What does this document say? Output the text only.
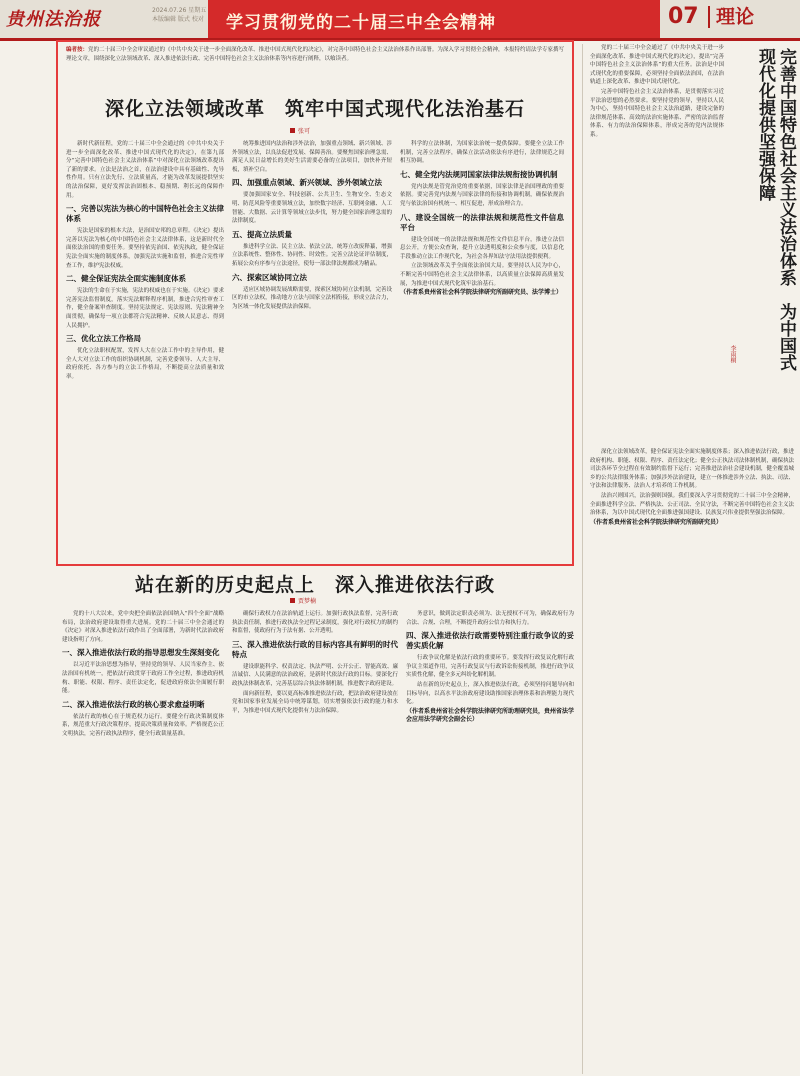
贵州法治报	2024.07.26 星期五
本版编辑 版式 校对 学习贯彻党的二十届三中全会精神	07 理论
编者按：党的二十届三中全会审议通过的《中共中央关于进一步全面深化改革、推进中国式现代化的决定》，对完善中国特色社会主义法治体系作出部署。为深入学习贯彻全会精神，本报特约请法学专家撰写理论文章，围绕深化立法领域改革、深入推进依法行政、完善中国特色社会主义法治体系等内容进行阐释，以飨读者。
深化立法领域改革　筑牢中国式现代化法治基石
张可

新时代新征程，党的二十届三中全会通过的《中共中央关于进一步全面深化改革、推进中国式现代化的决定》，在第九部分“完善中国特色社会主义法治体系”中对深化立法领域改革提出了新的要求。立法是法治之首，在法治建设中具有基础性、先导性作用。只有立法先行、立法质量高，才能为改革发展提供坚实的法治保障，更好发挥法治固根本、稳预期、利长远的保障作用。

一、完善以宪法为核心的中国特色社会主义法律体系

宪法是国家的根本大法，是治国安邦的总章程。《决定》提出完善以宪法为核心的中国特色社会主义法律体系，这是新时代全面依法治国的重要任务。要坚持依宪治国、依宪执政，健全保证宪法全面实施的制度体系，加强宪法实施和监督，推进合宪性审查工作，维护宪法权威。

二、健全保证宪法全面实施制度体系

宪法的生命在于实施，宪法的权威也在于实施。《决定》要求完善宪法监督制度，落实宪法解释程序机制，推进合宪性审查工作，健全备案审查制度。坚持宪法规定、宪法原则、宪法精神全面贯彻，确保每一项立法都符合宪法精神、反映人民意志、得到人民拥护。

三、优化立法工作格局

优化立法职权配置，发挥人大在立法工作中的主导作用，健全人大对立法工作的组织协调机制，完善党委领导、人大主导、政府依托、各方参与的立法工作格局，不断提高立法质量和效率。

统筹推进国内法治和涉外法治，加强重点领域、新兴领域、涉外领域立法，以良法促进发展、保障善治。要聚焦国家治理急需、满足人民日益增长的美好生活需要必备的立法项目，加快补齐短板，填补空白。

四、加强重点领域、新兴领域、涉外领域立法

要加强国家安全、科技创新、公共卫生、生物安全、生态文明、防范风险等重要领域立法，加快数字经济、互联网金融、人工智能、大数据、云计算等领域立法步伐，努力健全国家治理急需的法律制度。

五、提高立法质量

推进科学立法、民主立法、依法立法，统筹立改废释纂，增强立法系统性、整体性、协同性、时效性。完善立法论证评估制度，拓展公众有序参与立法途径，使每一部法律法规都成为精品。

六、探索区域协同立法

适应区域协调发展战略需要，探索区域协同立法机制，完善设区的市立法权，推动地方立法与国家立法相衔接，形成立法合力，为区域一体化发展提供法治保障。

科学的立法体制，为国家法治统一提供保障。要健全立法工作机制，完善立法程序，确保立法活动依法有序进行，法律规范之间相互协调。

七、健全党内法规同国家法律法规衔接协调机制

党内法规是管党治党的重要依据，国家法律是治国理政的重要依据。要完善党内法规与国家法律的衔接和协调机制，确保依规治党与依法治国有机统一、相互促进，形成治理合力。

八、建设全国统一的法律法规和规范性文件信息平台

建设全国统一的法律法规和规范性文件信息平台，推进立法信息公开，方便公众查询，提升立法透明度和公众参与度，以信息化手段推动立法工作现代化，为社会各界知法守法用法提供便利。

立法领域改革关乎全面依法治国大局。要坚持以人民为中心，不断完善中国特色社会主义法律体系，以高质量立法保障高质量发展，为推进中国式现代化筑牢法治基石。

（作者系贵州省社会科学院法律研究所副研究员、法学博士）

站在新的历史起点上　深入推进依法行政
贾梦楠

党的十八大以来，党中央把全面依法治国纳入“四个全面”战略布局，法治政府建设取得重大进展。党的二十届三中全会通过的《决定》对深入推进依法行政作出了全面部署，为新时代法治政府建设指明了方向。

一、深入推进依法行政的指导思想发生深刻变化

以习近平法治思想为指导，坚持党的领导、人民当家作主、依法治国有机统一，把依法行政贯穿于政府工作全过程，推进政府机构、职能、权限、程序、责任法定化，促进政府依法全面履行职能。

二、深入推进依法行政的核心要求愈益明晰

依法行政的核心在于规范权力运行。要健全行政决策制度体系，规范重大行政决策程序，提高决策质量和效率。严格规范公正文明执法，完善行政执法程序，健全行政裁量基准。

确保行政权力在法治轨道上运行。加强行政执法监督，完善行政执法责任制，推进行政执法全过程记录制度，强化对行政权力的制约和监督，使政府行为于法有据、公开透明。

三、深入推进依法行政的目标内容具有鲜明的时代特点

建设职能科学、权责法定、执法严明、公开公正、智能高效、廉洁诚信、人民满意的法治政府，是新时代依法行政的目标。要深化行政执法体制改革，完善基层综合执法体制机制，推进数字政府建设。

面向新征程，要以更高标准推进依法行政，把法治政府建设放在党和国家事业发展全局中统筹谋划，切实增强依法行政的能力和水平，为推进中国式现代化提供有力法治保障。

务意识，做到法定职责必须为、法无授权不可为，确保政府行为合法、合规、合理，不断提升政府公信力和执行力。

四、深入推进依法行政需要特别注重行政争议的妥善实质化解

行政争议化解是依法行政的重要环节。要发挥行政复议化解行政争议主渠道作用，完善行政复议与行政诉讼衔接机制，推进行政争议实质性化解，健全多元纠纷化解机制。

站在新的历史起点上，深入推进依法行政，必须坚持问题导向和目标导向，以高水平法治政府建设助推国家治理体系和治理能力现代化。

（作者系贵州省社会科学院法律研究所助理研究员，贵州省法学会应用法学研究会副会长）

完善中国特色社会主义法治体系　为中国式现代化提供坚强保障
李雨桐

党的二十届三中全会通过了《中共中央关于进一步全面深化改革、推进中国式现代化的决定》，提出“完善中国特色社会主义法治体系”的重大任务。法治是中国式现代化的重要保障，必须坚持全面依法治国，在法治轨道上深化改革、推进中国式现代化。

完善中国特色社会主义法治体系，是贯彻落实习近平法治思想的必然要求。要坚持党的领导，坚持以人民为中心，坚持中国特色社会主义法治道路，建设完备的法律规范体系、高效的法治实施体系、严密的法治监督体系、有力的法治保障体系，形成完善的党内法规体系。

深化立法领域改革，健全保证宪法全面实施制度体系；深入推进依法行政，推进政府机构、职能、权限、程序、责任法定化；健全公正执法司法体制机制，确保执法司法各环节全过程在有效制约监督下运行；完善推进法治社会建设机制，健全覆盖城乡的公共法律服务体系；加强涉外法治建设，建立一体推进涉外立法、执法、司法、守法和法律服务、法治人才培养的工作机制。

法治兴则国兴，法治强则国强。我们要深入学习贯彻党的二十届三中全会精神，全面推进科学立法、严格执法、公正司法、全民守法，不断完善中国特色社会主义法治体系，为以中国式现代化全面推进强国建设、民族复兴伟业提供坚强法治保障。

（作者系贵州省社会科学院法律研究所副研究员）
